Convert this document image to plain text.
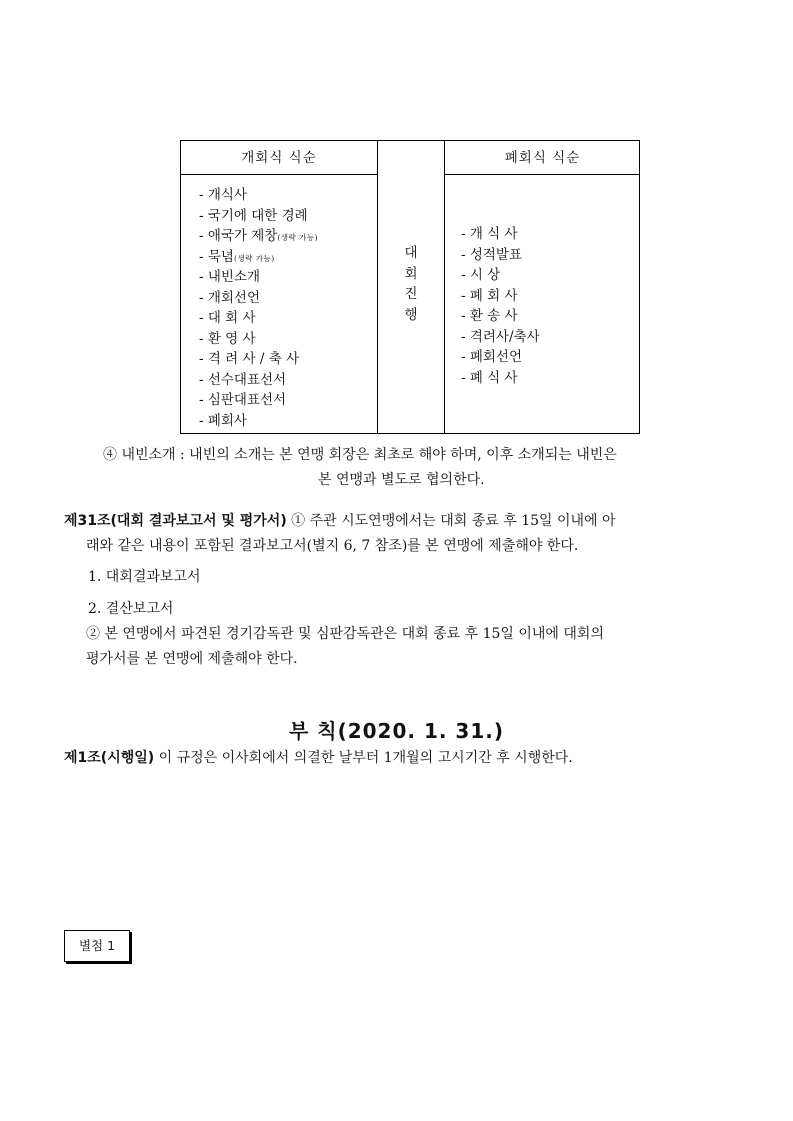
개회식 식순
- 개식사
- 국기에 대한 경례
- 애국가 제창(생략 가능)
- 묵념(생략 가능)
- 내빈소개
- 개회선언
- 대 회 사
- 환 영 사
- 격 려 사 / 축 사
- 선수대표선서
- 심판대표선서
- 폐회사
대
회
진
행
폐회식 식순
- 개 식 사
- 성적발표
- 시 상
- 폐 회 사
- 환 송 사
- 격려사/축사
- 폐회선언
- 폐 식 사
④ 내빈소개 : 내빈의 소개는 본 연맹 회장은 최초로 해야 하며, 이후 소개되는 내빈은
본 연맹과 별도로 협의한다.
제31조(대회 결과보고서 및 평가서) ① 주관 시도연맹에서는 대회 종료 후 15일 이내에 아
래와 같은 내용이 포함된 결과보고서(별지 6, 7 참조)를 본 연맹에 제출해야 한다.
1. 대회결과보고서
2. 결산보고서
② 본 연맹에서 파견된 경기감독관 및 심판감독관은 대회 종료 후 15일 이내에 대회의
평가서를 본 연맹에 제출해야 한다.
부 칙(2020. 1. 31.)
제1조(시행일) 이 규정은 이사회에서 의결한 날부터 1개월의 고시기간 후 시행한다.
별첨 1
